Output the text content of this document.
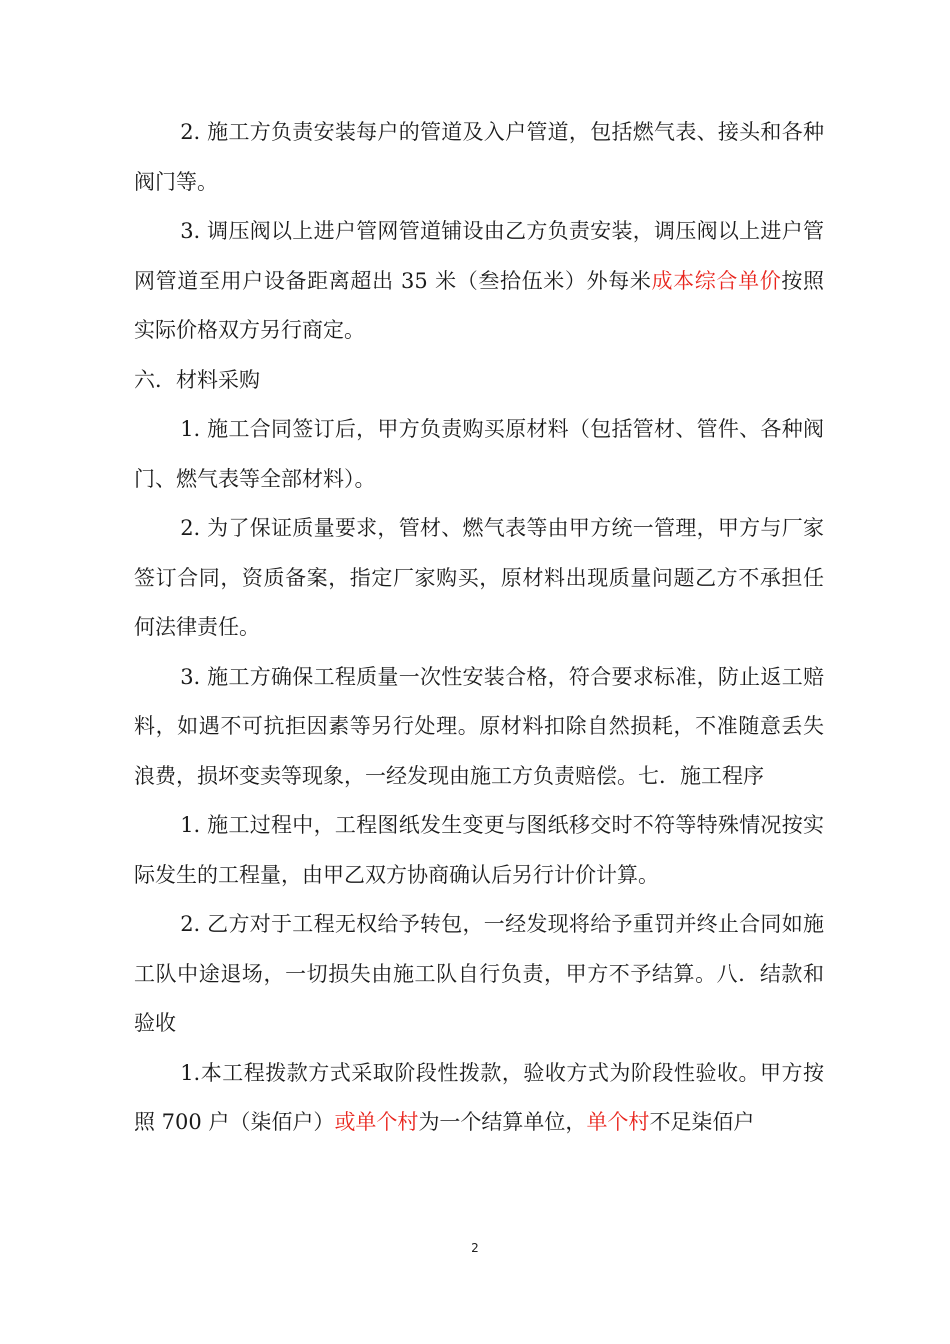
2. 施工方负责安装每户的管道及入户管道，包括燃气表、接头和各种阀门等。

3. 调压阀以上进户管网管道铺设由乙方负责安装，调压阀以上进户管网管道至用户设备距离超出 35 米（叁拾伍米）外每米成本综合单价按照实际价格双方另行商定。

六．材料采购

1. 施工合同签订后，甲方负责购买原材料（包括管材、管件、各种阀门、燃气表等全部材料）。

2. 为了保证质量要求，管材、燃气表等由甲方统一管理，甲方与厂家签订合同，资质备案，指定厂家购买，原材料出现质量问题乙方不承担任何法律责任。

3. 施工方确保工程质量一次性安装合格，符合要求标准，防止返工赔料，如遇不可抗拒因素等另行处理。原材料扣除自然损耗，不准随意丢失浪费，损坏变卖等现象，一经发现由施工方负责赔偿。七．施工程序

1. 施工过程中，工程图纸发生变更与图纸移交时不符等特殊情况按实际发生的工程量，由甲乙双方协商确认后另行计价计算。

2. 乙方对于工程无权给予转包，一经发现将给予重罚并终止合同如施工队中途退场，一切损失由施工队自行负责，甲方不予结算。八．结款和验收

1.本工程拨款方式采取阶段性拨款，验收方式为阶段性验收。甲方按照 700 户（柒佰户）或单个村为一个结算单位，单个村不足柒佰户

2
